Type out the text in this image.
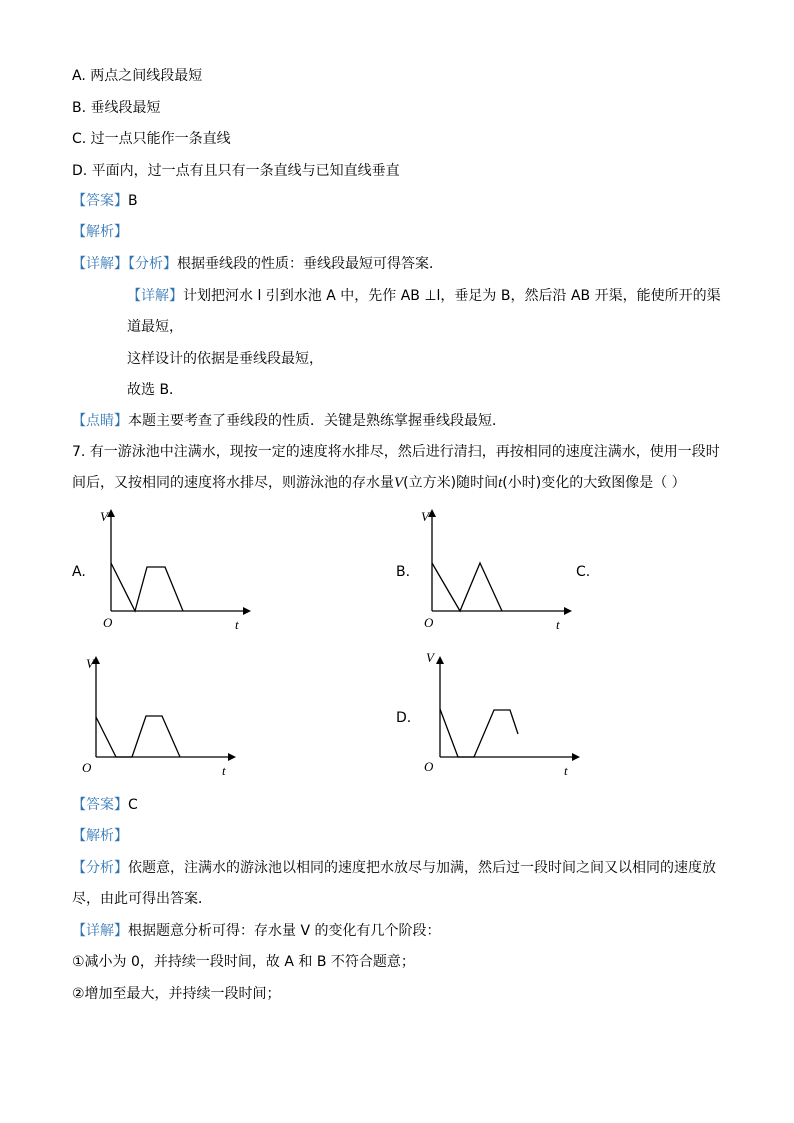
A. 两点之间线段最短
B. 垂线段最短
C. 过一点只能作一条直线
D. 平面内，过一点有且只有一条直线与已知直线垂直
【答案】B
【解析】
【详解】【分析】根据垂线段的性质：垂线段最短可得答案．
【详解】计划把河水 l 引到水池 A 中，先作 AB ⊥l，垂足为 B，然后沿 AB 开渠，能使所开的渠
道最短，
这样设计的依据是垂线段最短，
故选 B．
【点睛】本题主要考查了垂线段的性质．关键是熟练掌握垂线段最短．
7. 有一游泳池中注满水，现按一定的速度将水排尽，然后进行清扫，再按相同的速度注满水，使用一段时
间后，又按相同的速度将水排尽，则游泳池的存水量V(立方米)随时间t(小时)变化的大致图像是（ ）
A.	B.	C.
D.
V
O	t
V
O	t
V
O	t
V
O	t
【答案】C
【解析】
【分析】依题意，注满水的游泳池以相同的速度把水放尽与加满，然后过一段时间之间又以相同的速度放
尽，由此可得出答案．
【详解】根据题意分析可得：存水量 V 的变化有几个阶段：
①减小为 0，并持续一段时间，故 A 和 B 不符合题意；
②增加至最大，并持续一段时间；
